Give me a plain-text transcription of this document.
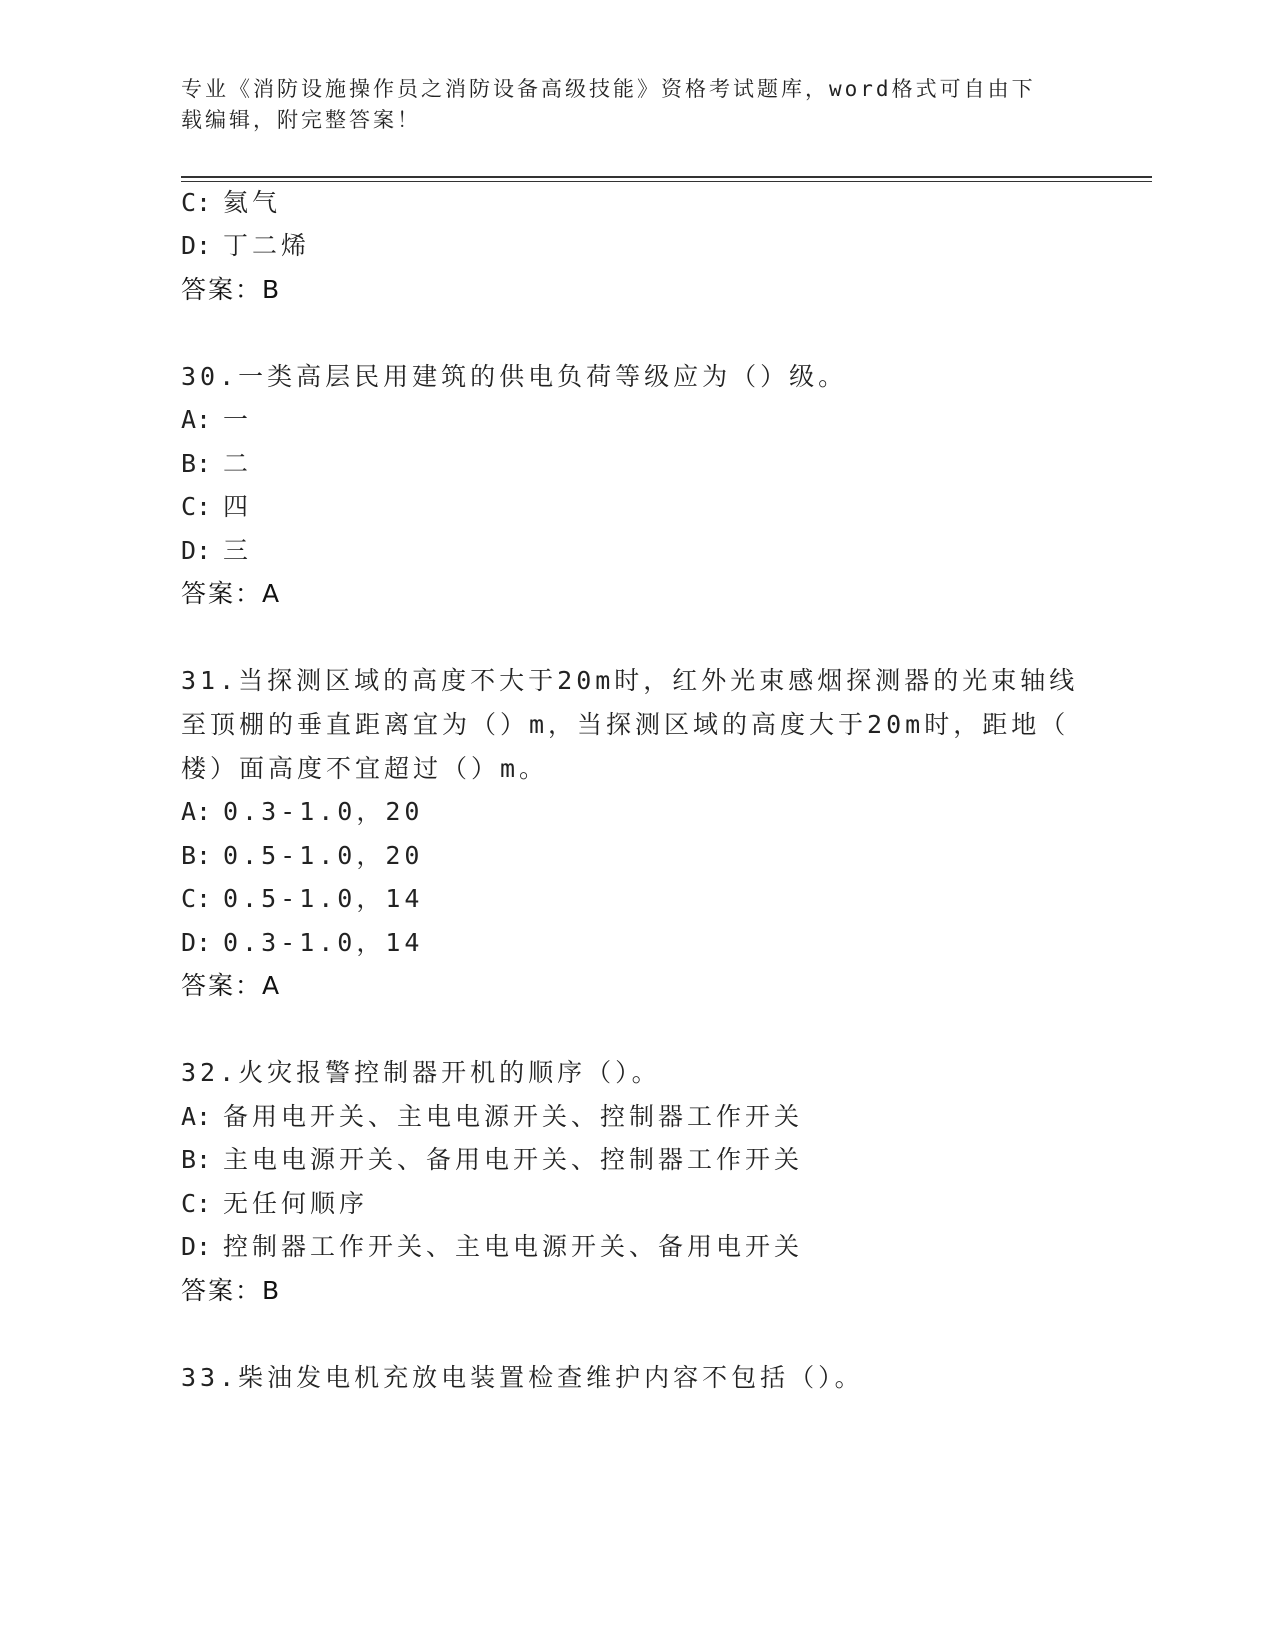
专业《消防设施操作员之消防设备高级技能》资格考试题库，word格式可自由下
载编辑，附完整答案！
C: 氦气
D: 丁二烯
答案：B
30.一类高层民用建筑的供电负荷等级应为（）级。
A: 一
B: 二
C: 四
D: 三
答案：A
31.当探测区域的高度不大于20m时，红外光束感烟探测器的光束轴线
至顶棚的垂直距离宜为（）m，当探测区域的高度大于20m时，距地（
楼）面高度不宜超过（）m。
A: 0.3-1.0，20
B: 0.5-1.0，20
C: 0.5-1.0，14
D: 0.3-1.0，14
答案：A
32.火灾报警控制器开机的顺序（）。
A: 备用电开关、主电电源开关、控制器工作开关
B: 主电电源开关、备用电开关、控制器工作开关
C: 无任何顺序
D: 控制器工作开关、主电电源开关、备用电开关
答案：B
33.柴油发电机充放电装置检查维护内容不包括（）。
